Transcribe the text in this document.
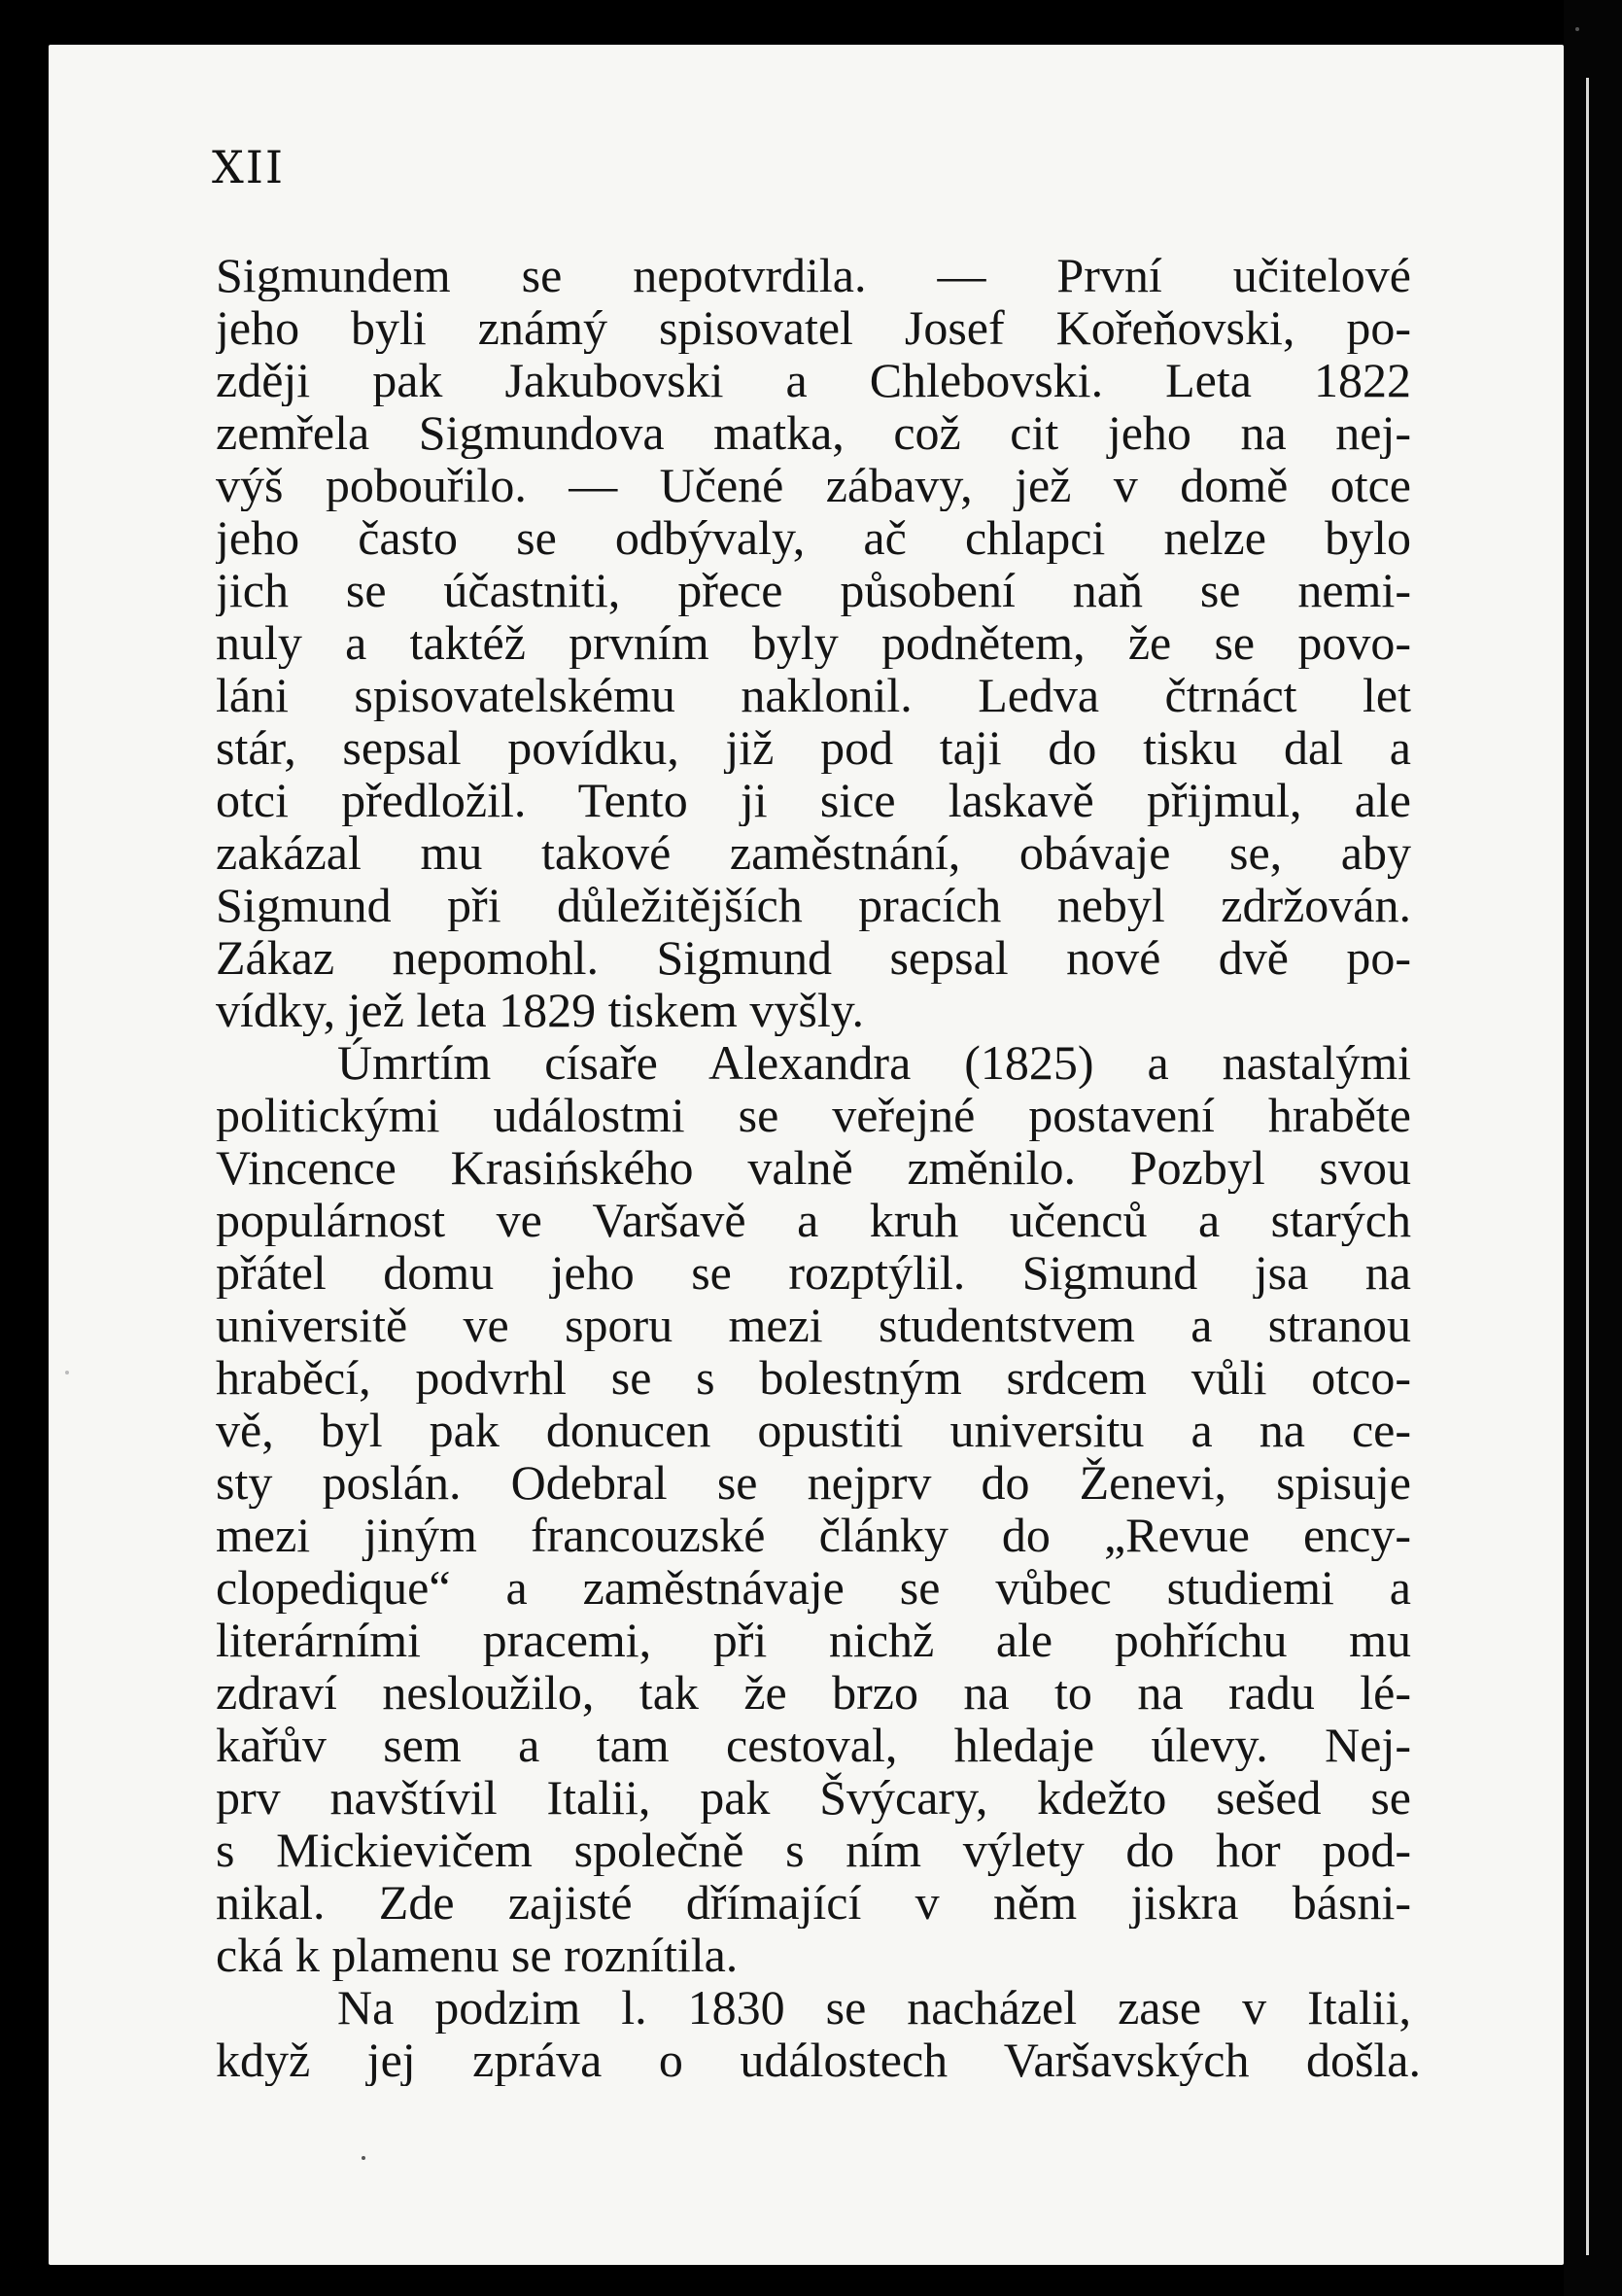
XII
Sigmundem se nepotvrdila. — První učitelové
jeho byli známý spisovatel Josef Kořeňovski, po-
zději pak Jakubovski a Chlebovski. Leta 1822
zemřela Sigmundova matka, což cit jeho na nej-
výš pobouřilo. — Učené zábavy, jež v domě otce
jeho často se odbývaly, ač chlapci nelze bylo
jich se účastniti, přece působení naň se nemi-
nuly a taktéž prvním byly podnětem, že se povo-
láni spisovatelskému naklonil. Ledva čtrnáct let
stár, sepsal povídku, již pod taji do tisku dal a
otci předložil. Tento ji sice laskavě přijmul, ale
zakázal mu takové zaměstnání, obávaje se, aby
Sigmund při důležitějších pracích nebyl zdržován.
Zákaz nepomohl. Sigmund sepsal nové dvě po-
vídky, jež leta 1829 tiskem vyšly.
Úmrtím císaře Alexandra (1825) a nastalými
politickými událostmi se veřejné postavení hraběte
Vincence Krasińského valně změnilo. Pozbyl svou
populárnost ve Varšavě a kruh učenců a starých
přátel domu jeho se rozptýlil. Sigmund jsa na
universitě ve sporu mezi studentstvem a stranou
hraběcí, podvrhl se s bolestným srdcem vůli otco-
vě, byl pak donucen opustiti universitu a na ce-
sty poslán. Odebral se nejprv do Ženevi, spisuje
mezi jiným francouzské články do „Revue ency-
clopedique“ a zaměstnávaje se vůbec studiemi a
literárními pracemi, při nichž ale pohříchu mu
zdraví nesloužilo, tak že brzo na to na radu lé-
kařův sem a tam cestoval, hledaje úlevy. Nej-
prv navštívil Italii, pak Švýcary, kdežto sešed se
s Mickievičem společně s ním výlety do hor pod-
nikal. Zde zajisté dřímající v něm jiskra básni-
cká k plamenu se roznítila.
Na podzim l. 1830 se nacházel zase v Italii,
když jej zpráva o událostech Varšavských došla.
